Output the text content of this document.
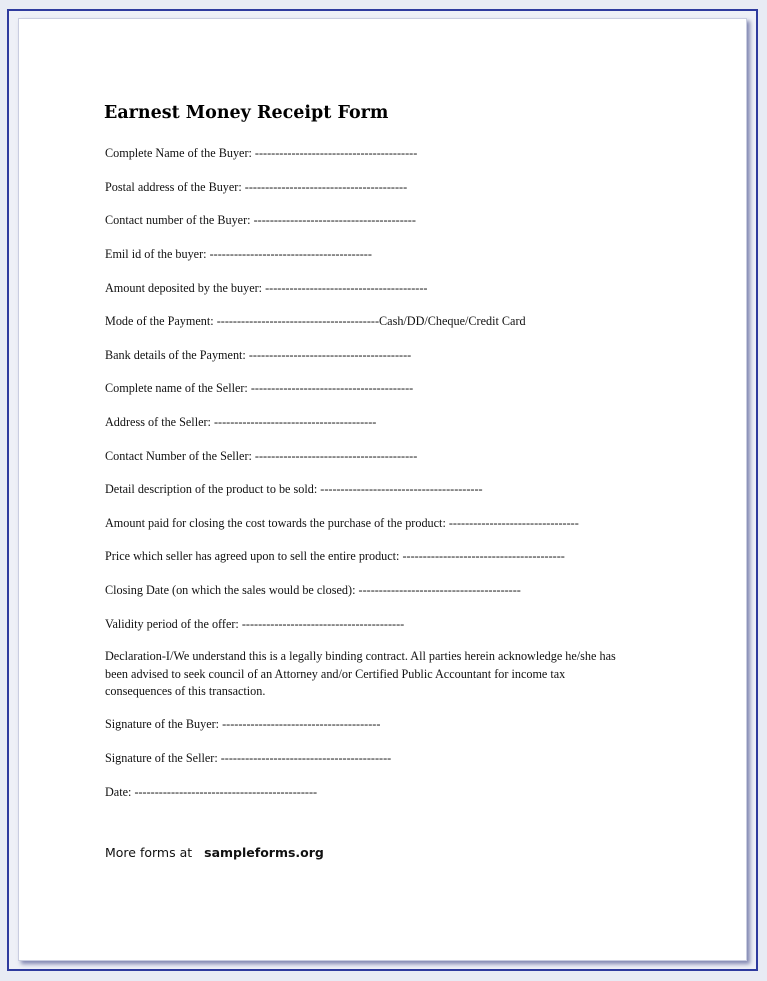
Earnest Money Receipt Form
Complete Name of the Buyer: ----------------------------------------
Postal address of the Buyer: ----------------------------------------
Contact number of the Buyer: ----------------------------------------
Emil id of the buyer: ----------------------------------------
Amount deposited by the buyer: ----------------------------------------
Mode of the Payment: ----------------------------------------Cash/DD/Cheque/Credit Card
Bank details of the Payment: ----------------------------------------
Complete name of the Seller: ----------------------------------------
Address of the Seller: ----------------------------------------
Contact Number of the Seller: ----------------------------------------
Detail description of the product to be sold: ----------------------------------------
Amount paid for closing the cost towards the purchase of the product: --------------------------------
Price which seller has agreed upon to sell the entire product: ----------------------------------------
Closing Date (on which the sales would be closed): ----------------------------------------
Validity period of the offer: ----------------------------------------
Declaration-I/We understand this is a legally binding contract. All parties herein acknowledge he/she has
been advised to seek council of an Attorney and/or Certified Public Accountant for income tax
consequences of this transaction.
Signature of the Buyer: ---------------------------------------
Signature of the Seller: ------------------------------------------
Date: ---------------------------------------------
More forms at sampleforms.org
